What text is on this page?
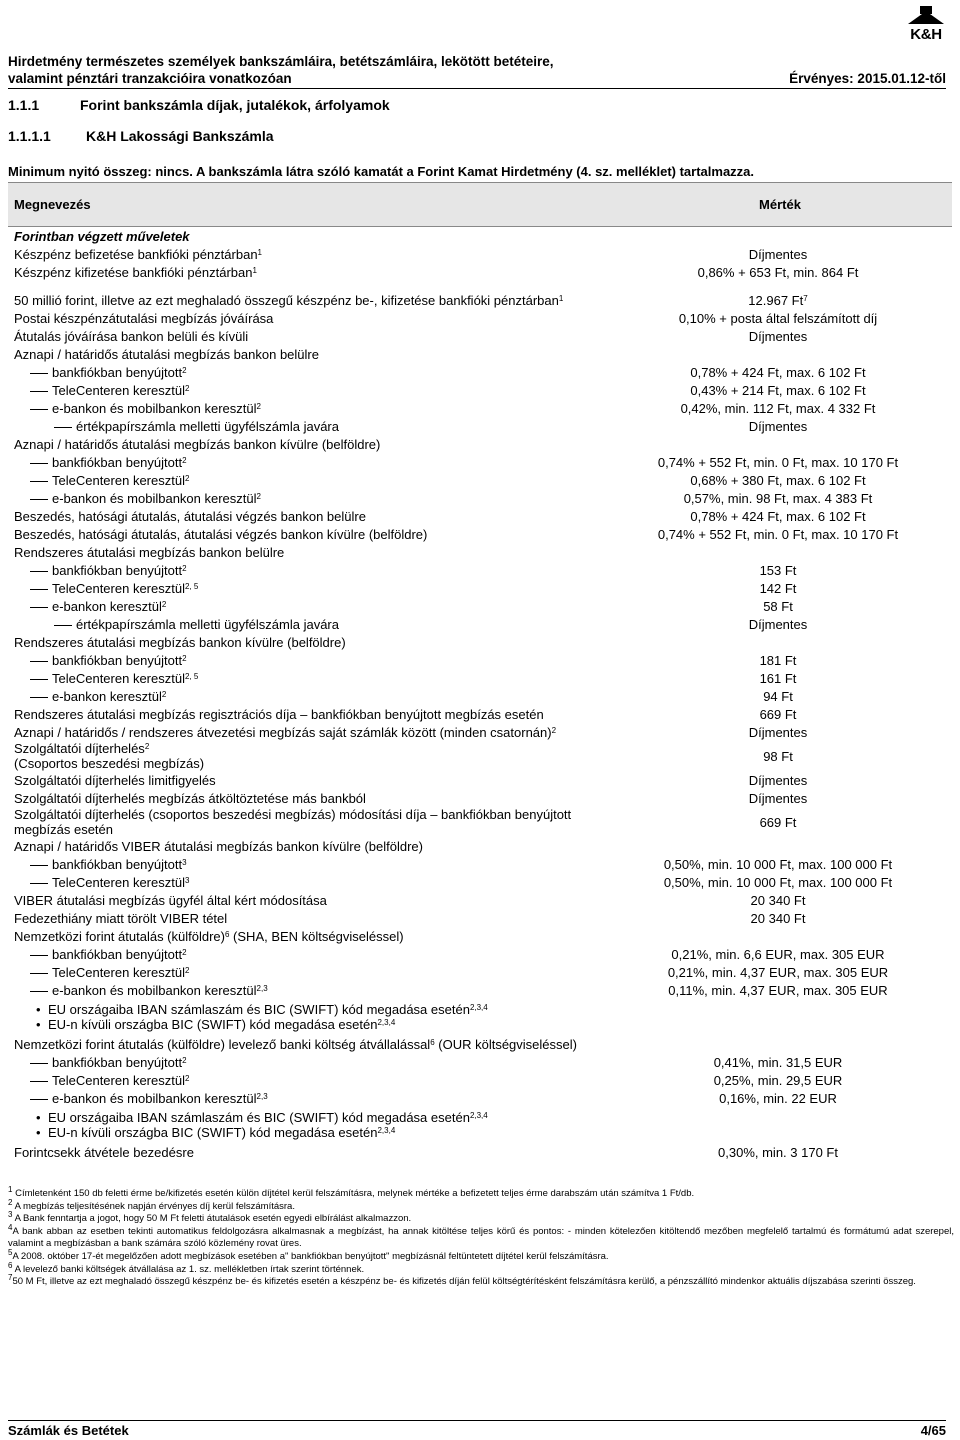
K&H
Hirdetmény természetes személyek bankszámláira, betétszámláira, lekötött betéteire,
valamint pénztári tranzakcióira vonatkozóan	Érvényes: 2015.01.12-től
1.1.1	Forint bankszámla díjak, jutalékok, árfolyamok
1.1.1.1	K&H Lakossági Bankszámla
Minimum nyitó összeg: nincs. A bankszámla látra szóló kamatát a Forint Kamat Hirdetmény (4. sz. melléklet) tartalmazza.
Megnevezés	Mérték
Forintban végzett műveletek	
Készpénz befizetése bankfióki pénztárban$^1$	Díjmentes
Készpénz kifizetése bankfióki pénztárban$^1$	0,86% + 653 Ft, min. 864 Ft

50 millió forint, illetve az ezt meghaladó összegű készpénz be-, kifizetése bankfióki pénztárban$^1$	12.967 Ft$^7$
Postai készpénzátutalási megbízás jóváírása	0,10% + posta által felszámított díj
Átutalás jóváírása bankon belüli és kívüli	Díjmentes
Aznapi / határidős átutalási megbízás bankon belülre	
bankfiókban benyújtott$^2$	0,78% + 424 Ft, max. 6 102 Ft
TeleCenteren keresztül$^2$	0,43% + 214 Ft, max. 6 102 Ft
e-bankon és mobilbankon keresztül$^2$	0,42%, min. 112 Ft, max. 4 332 Ft
értékpapírszámla melletti ügyfélszámla javára	Díjmentes
Aznapi / határidős átutalási megbízás bankon kívülre (belföldre)	
bankfiókban benyújtott$^2$	0,74% + 552 Ft, min. 0 Ft, max. 10 170 Ft
TeleCenteren keresztül$^2$	0,68% + 380 Ft, max. 6 102 Ft
e-bankon és mobilbankon keresztül$^2$	0,57%, min. 98 Ft, max. 4 383 Ft
Beszedés, hatósági átutalás, átutalási végzés bankon belülre	0,78% + 424 Ft, max. 6 102 Ft
Beszedés, hatósági átutalás, átutalási végzés bankon kívülre (belföldre)	0,74% + 552 Ft, min. 0 Ft, max. 10 170 Ft
Rendszeres átutalási megbízás bankon belülre	
bankfiókban benyújtott$^2$	153 Ft
TeleCenteren keresztül$^{2, 5}$	142 Ft
e-bankon keresztül$^2$	58 Ft
értékpapírszámla melletti ügyfélszámla javára	Díjmentes
Rendszeres átutalási megbízás bankon kívülre (belföldre)	
bankfiókban benyújtott$^2$	181 Ft
TeleCenteren keresztül$^{2, 5}$	161 Ft
e-bankon keresztül$^2$	94 Ft
Rendszeres átutalási megbízás regisztrációs díja – bankfiókban benyújtott megbízás esetén	669 Ft
Aznapi / határidős / rendszeres átvezetési megbízás saját számlák között (minden csatornán)$^2$	Díjmentes
Szolgáltatói díjterhelés$^2$
(Csoportos beszedési megbízás)	98 Ft
Szolgáltatói díjterhelés limitfigyelés	Díjmentes
Szolgáltatói díjterhelés megbízás átköltöztetése más bankból	Díjmentes
Szolgáltatói díjterhelés (csoportos beszedési megbízás) módosítási díja – bankfiókban benyújtott megbízás esetén	669 Ft
Aznapi / határidős VIBER átutalási megbízás bankon kívülre (belföldre)	
bankfiókban benyújtott$^3$	0,50%, min. 10 000 Ft, max. 100 000 Ft
TeleCenteren keresztül$^3$	0,50%, min. 10 000 Ft, max. 100 000 Ft
VIBER átutalási megbízás ügyfél által kért módosítása	20 340 Ft
Fedezethiány miatt törölt VIBER tétel	20 340 Ft
Nemzetközi forint átutalás (külföldre)$^6$ (SHA, BEN költségviseléssel)	
bankfiókban benyújtott$^2$	0,21%, min. 6,6 EUR, max. 305 EUR
TeleCenteren keresztül$^2$	0,21%, min. 4,37 EUR, max. 305 EUR
e-bankon és mobilbankon keresztül$^{2,3}$	0,11%, min. 4,37 EUR, max. 305 EUR

• EU országaiba IBAN számlaszám és BIC (SWIFT) kód megadása esetén$^{2,3,4}$
• EU-n kívüli országba BIC (SWIFT) kód megadása esetén$^{2,3,4}$

Nemzetközi forint átutalás (külföldre) levelező banki költség átvállalással$^6$ (OUR költségviseléssel)	
bankfiókban benyújtott$^2$	0,41%, min. 31,5 EUR
TeleCenteren keresztül$^2$	0,25%, min. 29,5 EUR
e-bankon és mobilbankon keresztül$^{2,3}$	0,16%, min. 22 EUR

• EU országaiba IBAN számlaszám és BIC (SWIFT) kód megadása esetén$^{2,3,4}$
• EU-n kívüli országba BIC (SWIFT) kód megadása esetén$^{2,3,4}$

Forintcsekk átvétele bezedésre	0,30%, min. 3 170 Ft

$^1$ Címletenként 150 db feletti érme be/kifizetés esetén külön díjtétel kerül felszámításra, melynek mértéke a befizetett teljes érme darabszám után számítva 1 Ft/db.

$^2$ A megbízás teljesítésének napján érvényes díj kerül felszámításra.

$^3$ A Bank fenntartja a jogot, hogy 50 M Ft feletti átutalások esetén egyedi elbírálást alkalmazzon.

$^4$A bank abban az esetben tekinti automatikus feldolgozásra alkalmasnak a megbízást, ha annak kitöltése teljes körű és pontos: - minden kötelezően kitöltendő mezőben megfelelő tartalmú és formátumú adat szerepel, valamint a megbízásban a bank számára szóló közlemény rovat üres.

$^5$A 2008. október 17-ét megelőzően adott megbízások esetében a" bankfiókban benyújtott" megbízásnál feltüntetett díjtétel kerül felszámításra.

$^6$ A levelező banki költségek átvállalása az 1. sz. mellékletben írtak szerint történnek.

$^7$50 M Ft, illetve az ezt meghaladó összegű készpénz be- és kifizetés esetén a készpénz be- és kifizetés díján felül költségtérítésként felszámításra kerülő, a pénzszállító mindenkor aktuális díjszabása szerinti összeg.

Számlák és Betétek	4/65
